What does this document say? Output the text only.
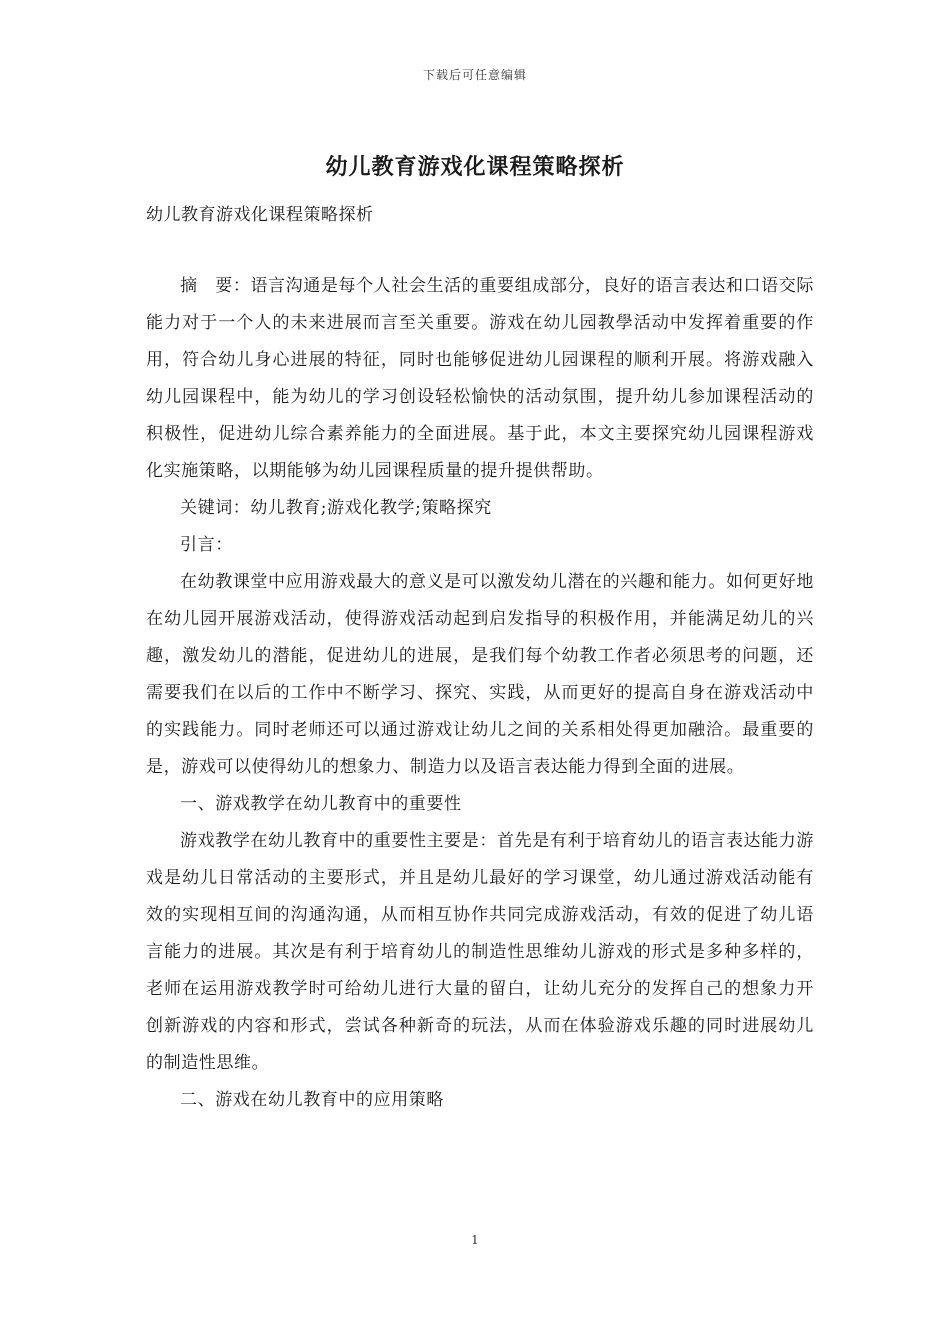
下载后可任意编辑
幼儿教育游戏化课程策略探析
幼儿教育游戏化课程策略探析

摘　要：语言沟通是每个人社会生活的重要组成部分，良好的语言表达和口语交际能力对于一个人的未来进展而言至关重要。游戏在幼儿园教學活动中发挥着重要的作用，符合幼儿身心进展的特征，同时也能够促进幼儿园课程的顺利开展。将游戏融入幼儿园课程中，能为幼儿的学习创设轻松愉快的活动氛围，提升幼儿参加课程活动的积极性，促进幼儿综合素养能力的全面进展。基于此，本文主要探究幼儿园课程游戏化实施策略，以期能够为幼儿园课程质量的提升提供帮助。

关键词：幼儿教育;游戏化教学;策略探究

引言：

在幼教课堂中应用游戏最大的意义是可以激发幼儿潜在的兴趣和能力。如何更好地在幼儿园开展游戏活动，使得游戏活动起到启发指导的积极作用，并能满足幼儿的兴趣，激发幼儿的潜能，促进幼儿的进展，是我们每个幼教工作者必须思考的问题，还需要我们在以后的工作中不断学习、探究、实践，从而更好的提高自身在游戏活动中的实践能力。同时老师还可以通过游戏让幼儿之间的关系相处得更加融洽。最重要的是，游戏可以使得幼儿的想象力、制造力以及语言表达能力得到全面的进展。

一、游戏教学在幼儿教育中的重要性

游戏教学在幼儿教育中的重要性主要是：首先是有利于培育幼儿的语言表达能力游戏是幼儿日常活动的主要形式，并且是幼儿最好的学习课堂，幼儿通过游戏活动能有效的实现相互间的沟通沟通，从而相互协作共同完成游戏活动，有效的促进了幼儿语言能力的进展。其次是有利于培育幼儿的制造性思维幼儿游戏的形式是多种多样的，老师在运用游戏教学时可给幼儿进行大量的留白，让幼儿充分的发挥自己的想象力开创新游戏的内容和形式，尝试各种新奇的玩法，从而在体验游戏乐趣的同时进展幼儿的制造性思维。

二、游戏在幼儿教育中的应用策略

1
